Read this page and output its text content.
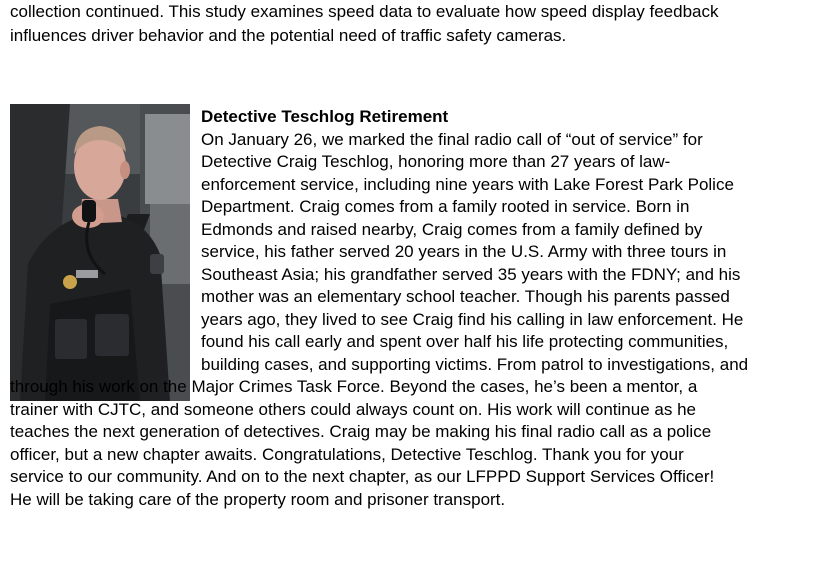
collection continued. This study examines speed data to evaluate how speed display feedback
influences driver behavior and the potential need of traffic safety cameras.
Detective Teschlog Retirement
On January 26, we marked the final radio call of “out of service” for
Detective Craig Teschlog, honoring more than 27 years of law-
enforcement service, including nine years with Lake Forest Park Police
Department. Craig comes from a family rooted in service. Born in
Edmonds and raised nearby, Craig comes from a family defined by
service, his father served 20 years in the U.S. Army with three tours in
Southeast Asia; his grandfather served 35 years with the FDNY; and his
mother was an elementary school teacher. Though his parents passed
years ago, they lived to see Craig find his calling in law enforcement. He
found his call early and spent over half his life protecting communities,
building cases, and supporting victims. From patrol to investigations, and
through his work on the Major Crimes Task Force. Beyond the cases, he’s been a mentor, a
trainer with CJTC, and someone others could always count on. His work will continue as he
teaches the next generation of detectives. Craig may be making his final radio call as a police
officer, but a new chapter awaits. Congratulations, Detective Teschlog. Thank you for your
service to our community. And on to the next chapter, as our LFPPD Support Services Officer!
He will be taking care of the property room and prisoner transport.
